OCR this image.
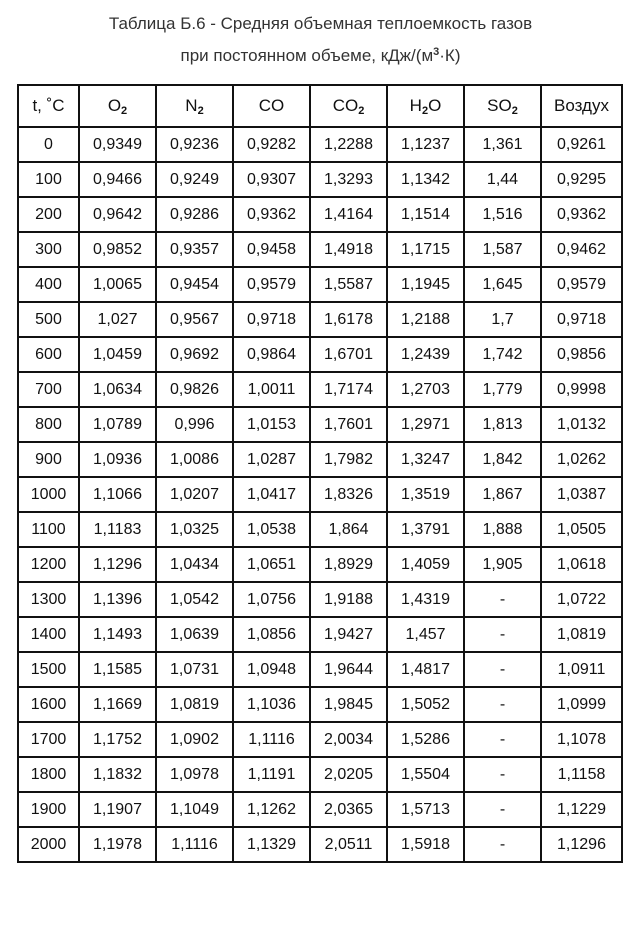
Таблица Б.6 - Средняя объемная теплоемкость газов
при постоянном объеме, кДж/$(м^3\cdot К)$
t, ˚C	$O_2$	$N_2$	CO	$CO_2$	$H_2O$	$SO_2$	Воздух
0	0,9349	0,9236	0,9282	1,2288	1,1237	1,361	0,9261
100	0,9466	0,9249	0,9307	1,3293	1,1342	1,44	0,9295
200	0,9642	0,9286	0,9362	1,4164	1,1514	1,516	0,9362
300	0,9852	0,9357	0,9458	1,4918	1,1715	1,587	0,9462
400	1,0065	0,9454	0,9579	1,5587	1,1945	1,645	0,9579
500	1,027	0,9567	0,9718	1,6178	1,2188	1,7	0,9718
600	1,0459	0,9692	0,9864	1,6701	1,2439	1,742	0,9856
700	1,0634	0,9826	1,0011	1,7174	1,2703	1,779	0,9998
800	1,0789	0,996	1,0153	1,7601	1,2971	1,813	1,0132
900	1,0936	1,0086	1,0287	1,7982	1,3247	1,842	1,0262
1000	1,1066	1,0207	1,0417	1,8326	1,3519	1,867	1,0387
1100	1,1183	1,0325	1,0538	1,864	1,3791	1,888	1,0505
1200	1,1296	1,0434	1,0651	1,8929	1,4059	1,905	1,0618
1300	1,1396	1,0542	1,0756	1,9188	1,4319	-	1,0722
1400	1,1493	1,0639	1,0856	1,9427	1,457	-	1,0819
1500	1,1585	1,0731	1,0948	1,9644	1,4817	-	1,0911
1600	1,1669	1,0819	1,1036	1,9845	1,5052	-	1,0999
1700	1,1752	1,0902	1,1116	2,0034	1,5286	-	1,1078
1800	1,1832	1,0978	1,1191	2,0205	1,5504	-	1,1158
1900	1,1907	1,1049	1,1262	2,0365	1,5713	-	1,1229
2000	1,1978	1,1116	1,1329	2,0511	1,5918	-	1,1296
